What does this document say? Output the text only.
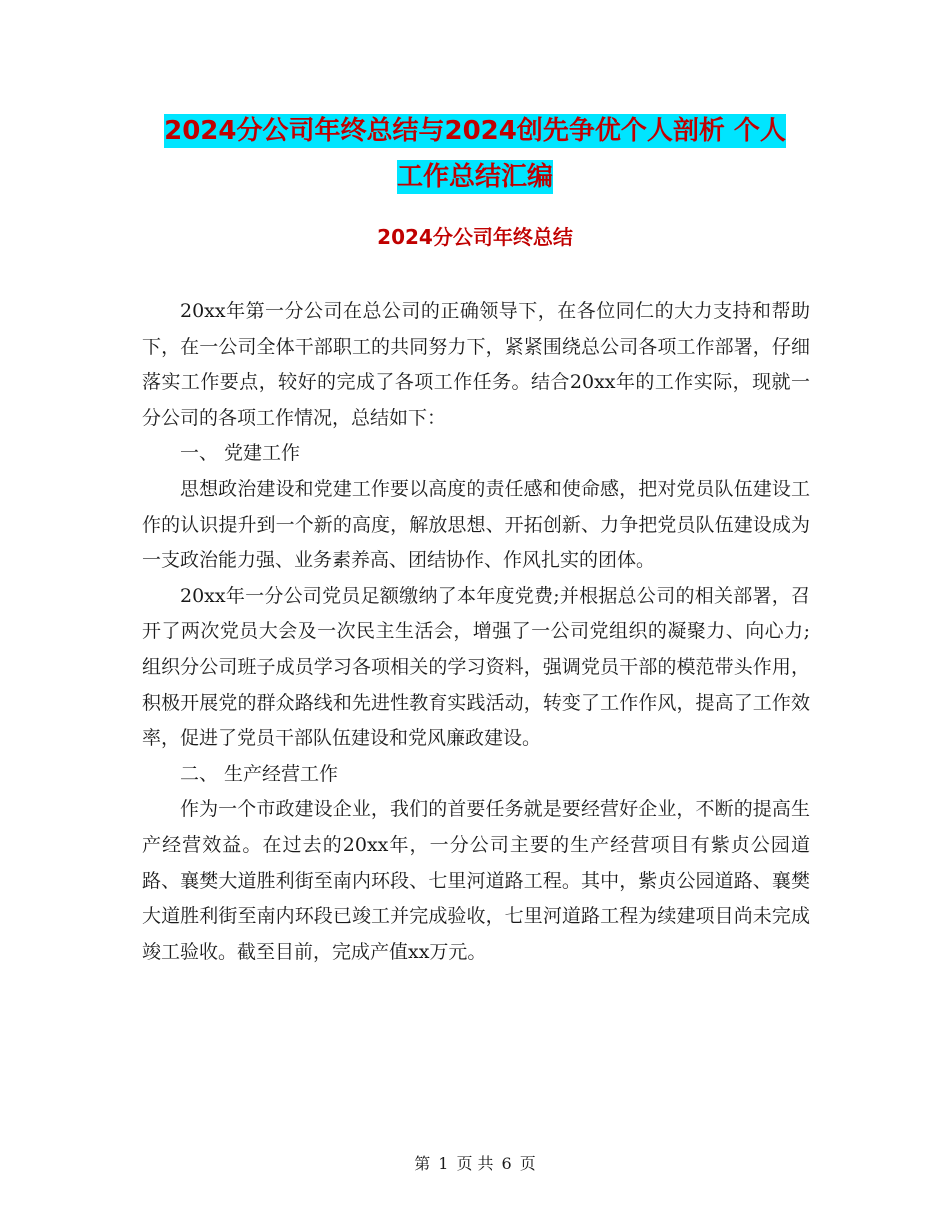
2024分公司年终总结与2024创先争优个人剖析 个人
工作总结汇编
2024分公司年终总结

20xx年第一分公司在总公司的正确领导下，在各位同仁的大力支持和帮助下，在一公司全体干部职工的共同努力下，紧紧围绕总公司各项工作部署，仔细落实工作要点，较好的完成了各项工作任务。结合20xx年的工作实际，现就一分公司的各项工作情况，总结如下：

一、 党建工作

思想政治建设和党建工作要以高度的责任感和使命感，把对党员队伍建设工作的认识提升到一个新的高度，解放思想、开拓创新、力争把党员队伍建设成为一支政治能力强、业务素养高、团结协作、作风扎实的团体。

20xx年一分公司党员足额缴纳了本年度党费;并根据总公司的相关部署，召开了两次党员大会及一次民主生活会，增强了一公司党组织的凝聚力、向心力;组织分公司班子成员学习各项相关的学习资料，强调党员干部的模范带头作用，积极开展党的群众路线和先进性教育实践活动，转变了工作作风，提高了工作效率，促进了党员干部队伍建设和党风廉政建设。

二、 生产经营工作

作为一个市政建设企业，我们的首要任务就是要经营好企业，不断的提高生产经营效益。在过去的20xx年，一分公司主要的生产经营项目有紫贞公园道路、襄樊大道胜利街至南内环段、七里河道路工程。其中，紫贞公园道路、襄樊大道胜利街至南内环段已竣工并完成验收，七里河道路工程为续建项目尚未完成竣工验收。截至目前，完成产值xx万元。

第 1 页 共 6 页
